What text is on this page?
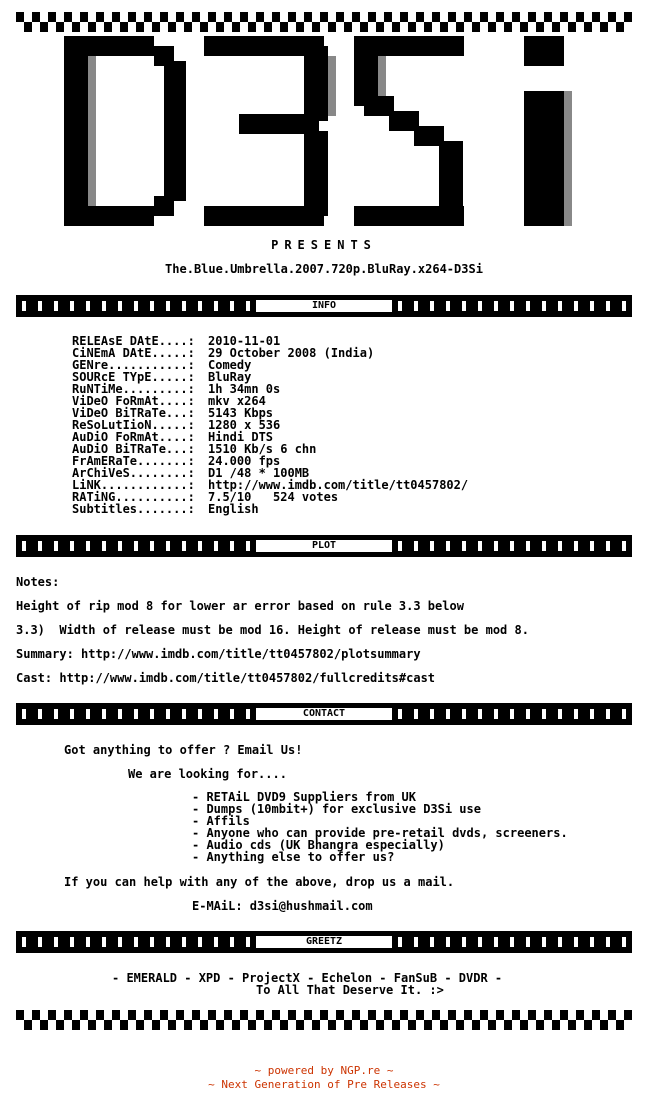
PRESENTS
The.Blue.Umbrella.2007.720p.BluRay.x264-D3Si
INFO
RELEAsE DAtE....: 2010-11-01
CiNEmA DAtE.....: 29 October 2008 (India)
GENre...........: Comedy
SOURcE TYpE.....: BluRay
RuNTiMe.........: 1h 34mn 0s
ViDeO FoRmAt....: mkv x264
ViDeO BiTRaTe...: 5143 Kbps
ReSoLutIioN.....: 1280 x 536
AuDiO FoRmAt....: Hindi DTS
AuDiO BiTRaTe...: 1510 Kb/s 6 chn
FrAmERaTe.......: 24.000 fps
ArChiVeS........: D1 /48 * 100MB
LiNK............: http://www.imdb.com/title/tt0457802/
RATiNG..........: 7.5/10   524 votes
Subtitles.......: English
PLOT
Notes:
Height of rip mod 8 for lower ar error based on rule 3.3 below
3.3)  Width of release must be mod 16. Height of release must be mod 8.
Summary: http://www.imdb.com/title/tt0457802/plotsummary
Cast: http://www.imdb.com/title/tt0457802/fullcredits#cast
CONTACT
Got anything to offer ? Email Us!
We are looking for....
- RETAiL DVD9 Suppliers from UK
- Dumps (10mbit+) for exclusive D3Si use
- Affils
- Anyone who can provide pre-retail dvds, screeners.
- Audio cds (UK Bhangra especially)
- Anything else to offer us?
If you can help with any of the above, drop us a mail.
E-MAiL: d3si@hushmail.com
GREETZ
- EMERALD - XPD - ProjectX - Echelon - FanSuB - DVDR -
To All That Deserve It. :>
~ powered by NGP.re ~
~ Next Generation of Pre Releases ~
